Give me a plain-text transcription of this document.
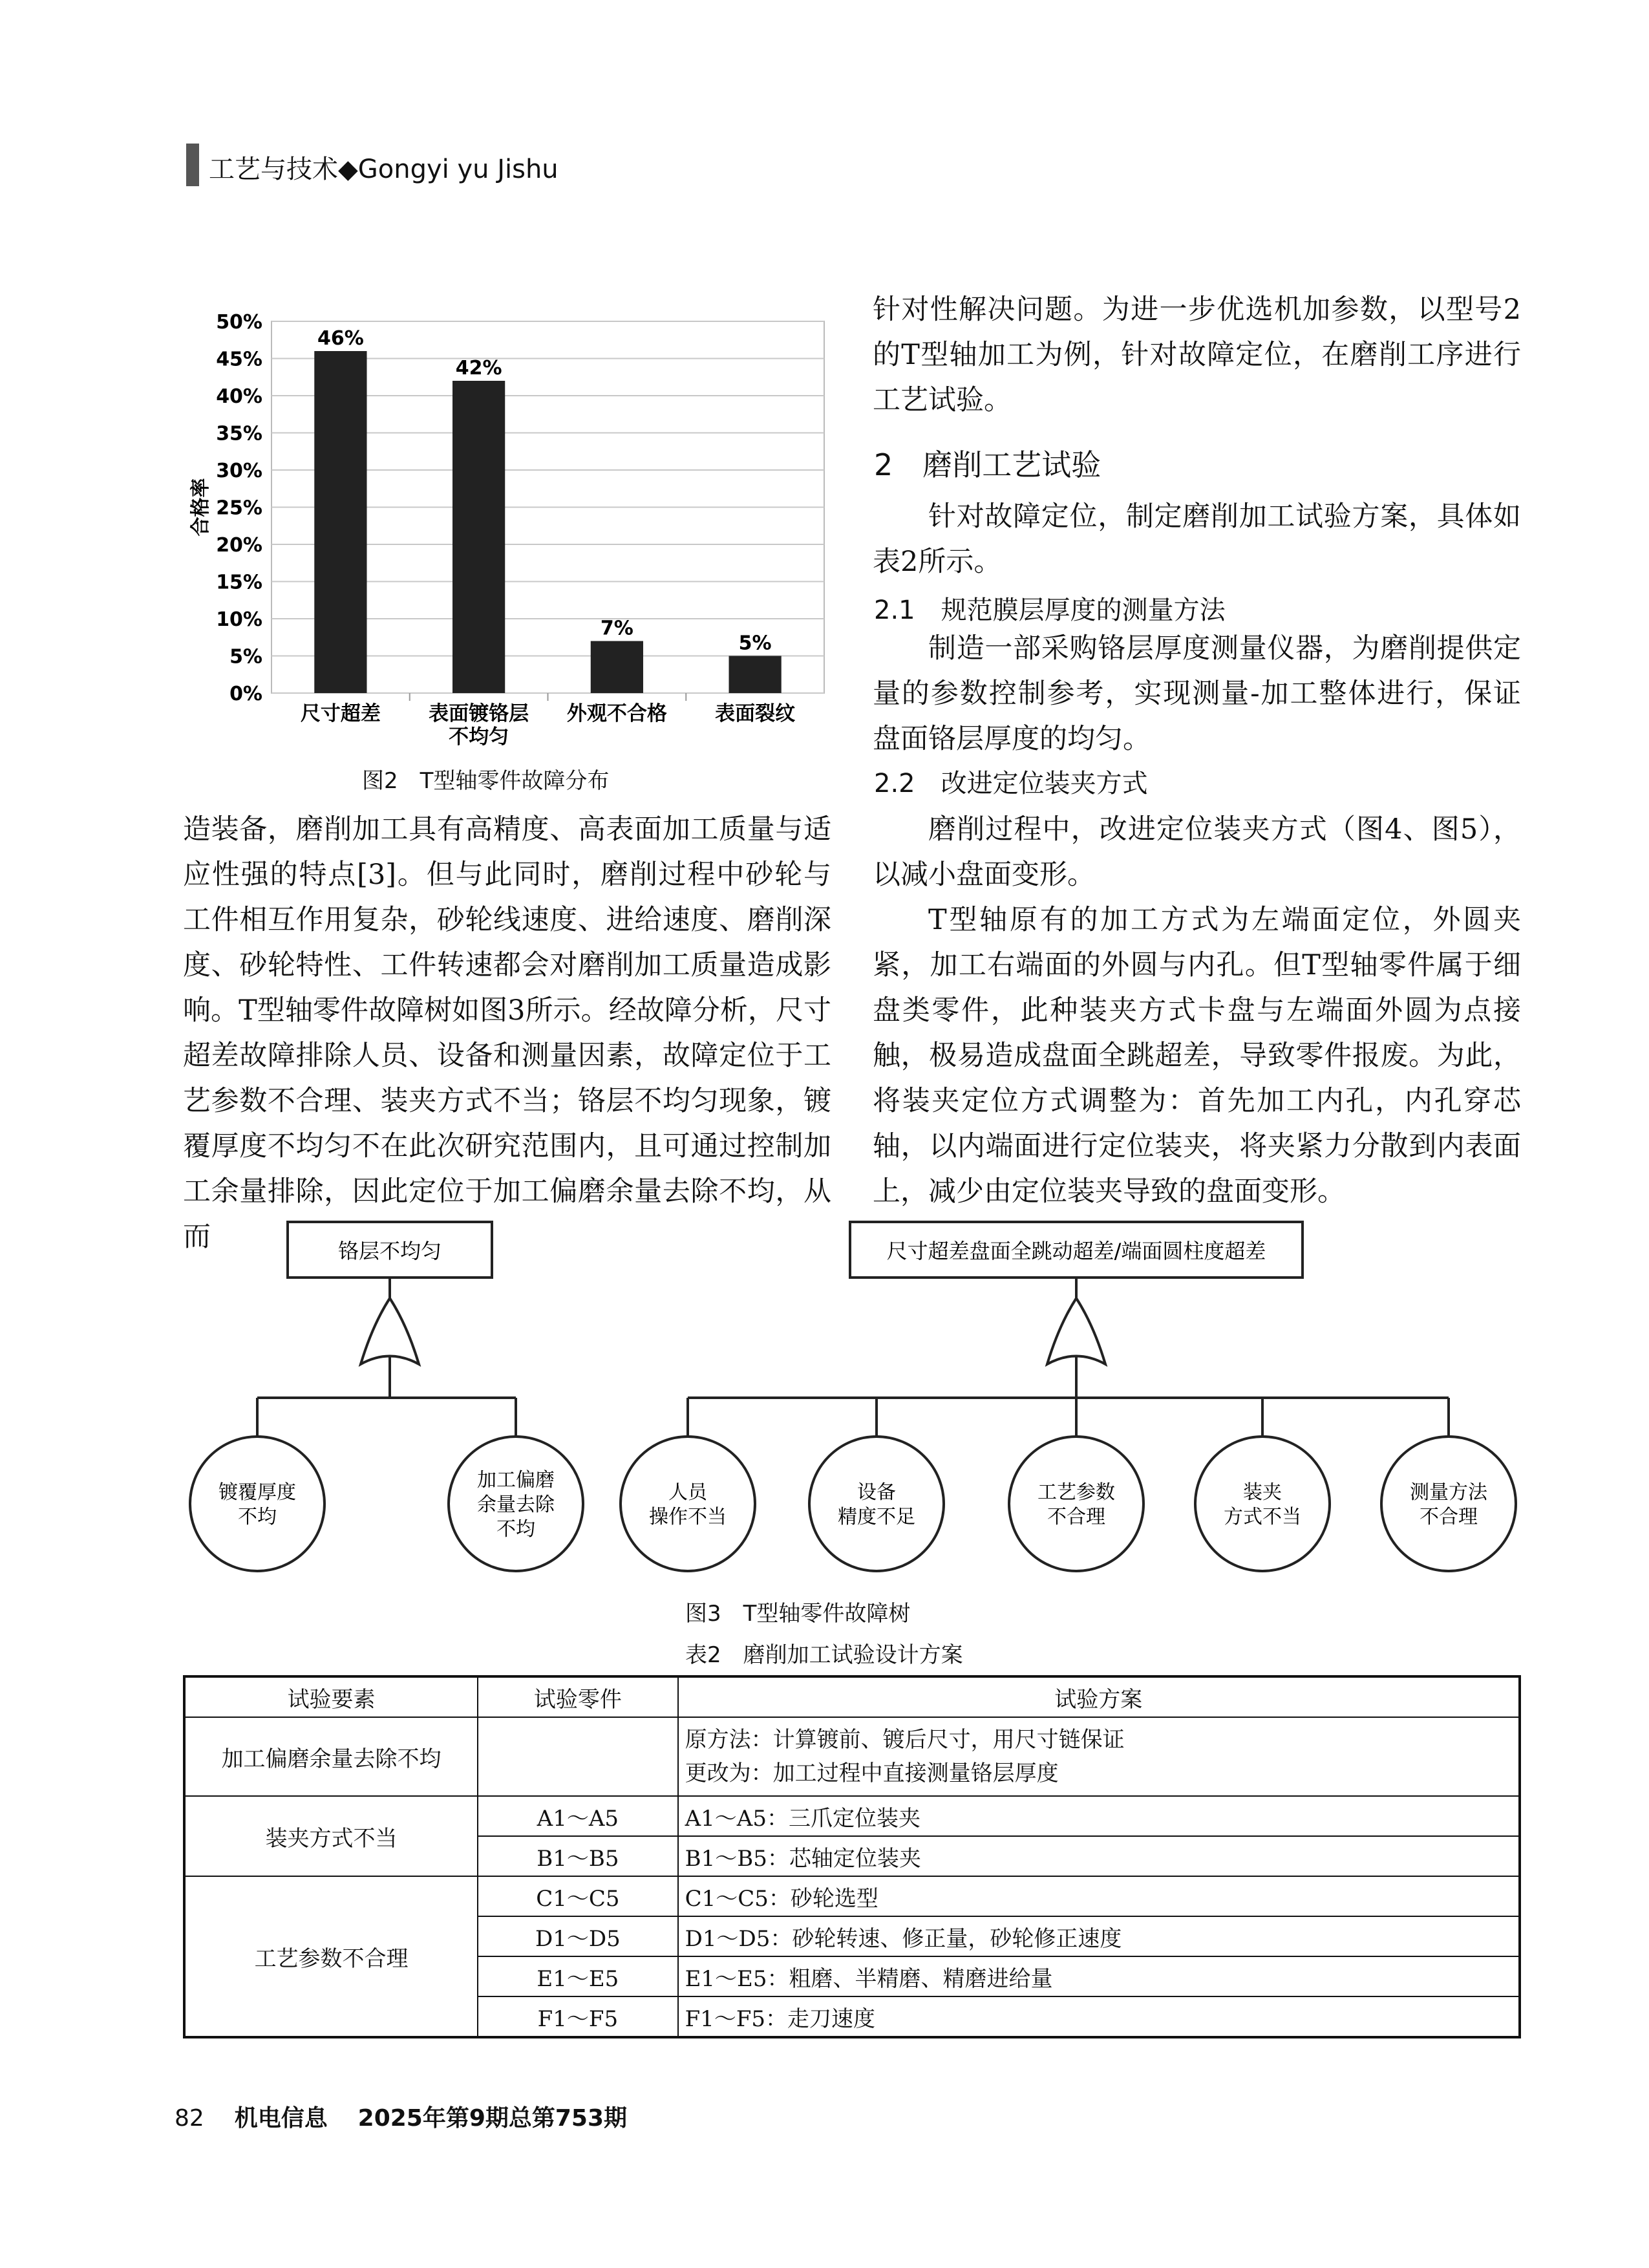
工艺与技术◆Gongyi yu Jishu
0%
5%
10%
15%
20%
25%
30%
35%
40%
45%
50%
合格率
46%
尺寸超差
42%
表面镀铬层
不均匀
7%
外观不合格
5%
表面裂纹
图2　T型轴零件故障分布
造装备，磨削加工具有高精度、高表面加工质量与适应性强的特点[3]。但与此同时，磨削过程中砂轮与工件相互作用复杂，砂轮线速度、进给速度、磨削深度、砂轮特性、工件转速都会对磨削加工质量造成影响。T型轴零件故障树如图3所示。经故障分析，尺寸超差故障排除人员、设备和测量因素，故障定位于工艺参数不合理、装夹方式不当；铬层不均匀现象，镀覆厚度不均匀不在此次研究范围内，且可通过控制加工余量排除，因此定位于加工偏磨余量去除不均，从而
针对性解决问题。为进一步优选机加参数，以型号2的T型轴加工为例，针对故障定位，在磨削工序进行工艺试验。
2　磨削工艺试验
针对故障定位，制定磨削加工试验方案，具体如表2所示。
2.1　规范膜层厚度的测量方法
制造一部采购铬层厚度测量仪器，为磨削提供定量的参数控制参考，实现测量-加工整体进行，保证盘面铬层厚度的均匀。
2.2　改进定位装夹方式
磨削过程中，改进定位装夹方式（图4、图5），以减小盘面变形。
T型轴原有的加工方式为左端面定位，外圆夹紧，加工右端面的外圆与内孔。但T型轴零件属于细盘类零件，此种装夹方式卡盘与左端面外圆为点接触，极易造成盘面全跳超差，导致零件报废。为此，将装夹定位方式调整为：首先加工内孔，内孔穿芯轴，以内端面进行定位装夹，将夹紧力分散到内表面上，减少由定位装夹导致的盘面变形。
铬层不均匀	尺寸超差盘面全跳动超差/端面圆柱度超差
镀覆厚度
不均
加工偏磨
余量去除
不均
人员
操作不当
设备
精度不足
工艺参数
不合理
装夹
方式不当
测量方法
不合理
图3　T型轴零件故障树
表2　磨削加工试验设计方案
试验要素	试验零件	试验方案
加工偏磨余量去除不均		原方法：计算镀前、镀后尺寸，用尺寸链保证
更改为：加工过程中直接测量铬层厚度

装夹方式不当	A1～A5	A1～A5：三爪定位装夹
	B1～B5	B1～B5：芯轴定位装夹
工艺参数不合理	C1～C5	C1～C5：砂轮选型
	D1～D5	D1～D5：砂轮转速、修正量，砂轮修正速度
	E1～E5	E1～E5：粗磨、半精磨、精磨进给量
	F1～F5	F1～F5：走刀速度
82 机电信息 2025年第9期总第753期
